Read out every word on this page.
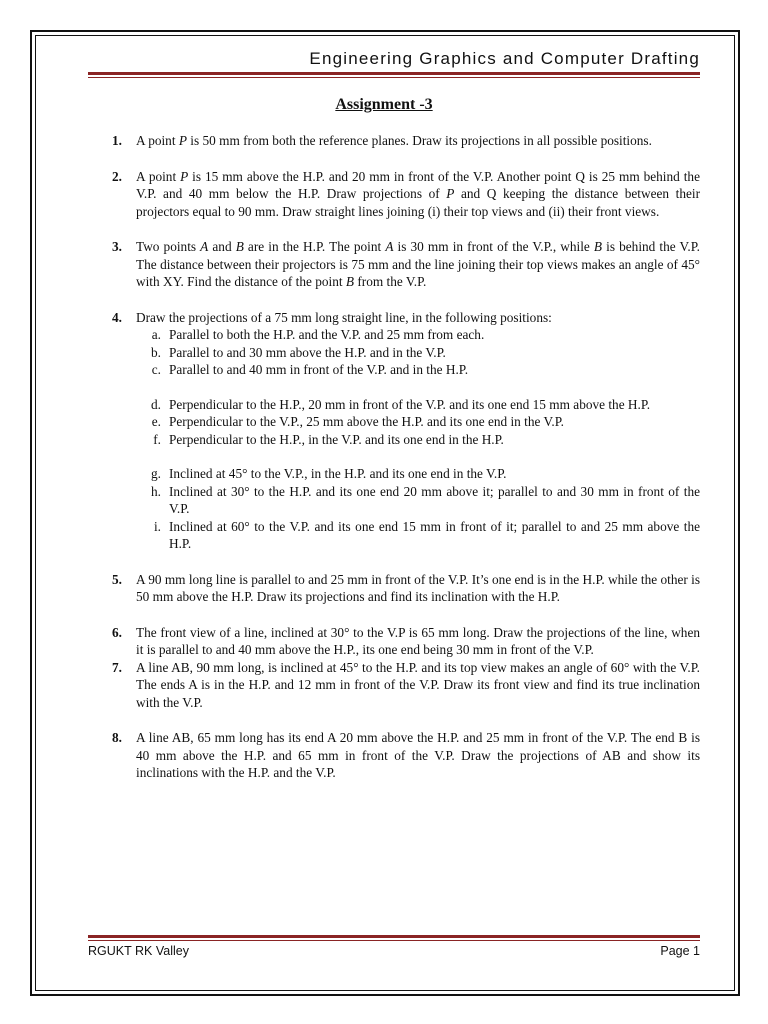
Engineering Graphics and Computer Drafting
Assignment -3
1.	A point P is 50 mm from both the reference planes. Draw its projections in all possible positions.
2.	A point P is 15 mm above the H.P. and 20 mm in front of the V.P. Another point Q is 25 mm behind the V.P. and 40 mm below the H.P. Draw projections of P and Q keeping the distance between their projectors equal to 90 mm. Draw straight lines joining (i) their top views and (ii) their front views.
3.	Two points A and B are in the H.P. The point A is 30 mm in front of the V.P., while B is behind the V.P. The distance between their projectors is 75 mm and the line joining their top views makes an angle of 45° with XY. Find the distance of the point B from the V.P.
4.	Draw the projections of a 75 mm long straight line, in the following positions:
a. Parallel to both the H.P. and the V.P. and 25 mm from each.
b. Parallel to and 30 mm above the H.P. and in the V.P.
c. Parallel to and 40 mm in front of the V.P. and in the H.P.
d. Perpendicular to the H.P., 20 mm in front of the V.P. and its one end 15 mm above the H.P.
e. Perpendicular to the V.P., 25 mm above the H.P. and its one end in the V.P.
f. Perpendicular to the H.P., in the V.P. and its one end in the H.P.
g. Inclined at 45° to the V.P., in the H.P. and its one end in the V.P.
h. Inclined at 30° to the H.P. and its one end 20 mm above it; parallel to and 30 mm in front of the V.P.
i. Inclined at 60° to the V.P. and its one end 15 mm in front of it; parallel to and 25 mm above the H.P.
5.	A 90 mm long line is parallel to and 25 mm in front of the V.P. It’s one end is in the H.P. while the other is 50 mm above the H.P. Draw its projections and find its inclination with the H.P.
6.	The front view of a line, inclined at 30° to the V.P is 65 mm long. Draw the projections of the line, when it is parallel to and 40 mm above the H.P., its one end being 30 mm in front of the V.P.
7.	A line AB, 90 mm long, is inclined at 45° to the H.P. and its top view makes an angle of 60° with the V.P. The ends A is in the H.P. and 12 mm in front of the V.P. Draw its front view and find its true inclination with the V.P.
8.	A line AB, 65 mm long has its end A 20 mm above the H.P. and 25 mm in front of the V.P. The end B is 40 mm above the H.P. and 65 mm in front of the V.P. Draw the projections of AB and show its inclinations with the H.P. and the V.P.
RGUKT RK Valley	Page 1
